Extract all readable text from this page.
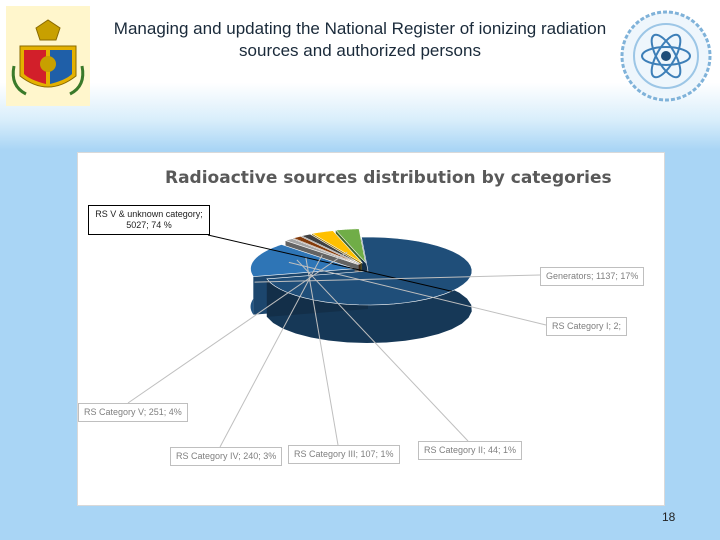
Managing and updating the National Register of ionizing radiation sources and authorized persons
Radioactive sources distribution by categories
RS V & unknown category; 5027; 74 %
Generators; 1137; 17%
RS Category I; 2;
RS Category II; 44; 1%
RS Category III; 107; 1%
RS Category IV; 240; 3%
RS Category V; 251; 4%
18
